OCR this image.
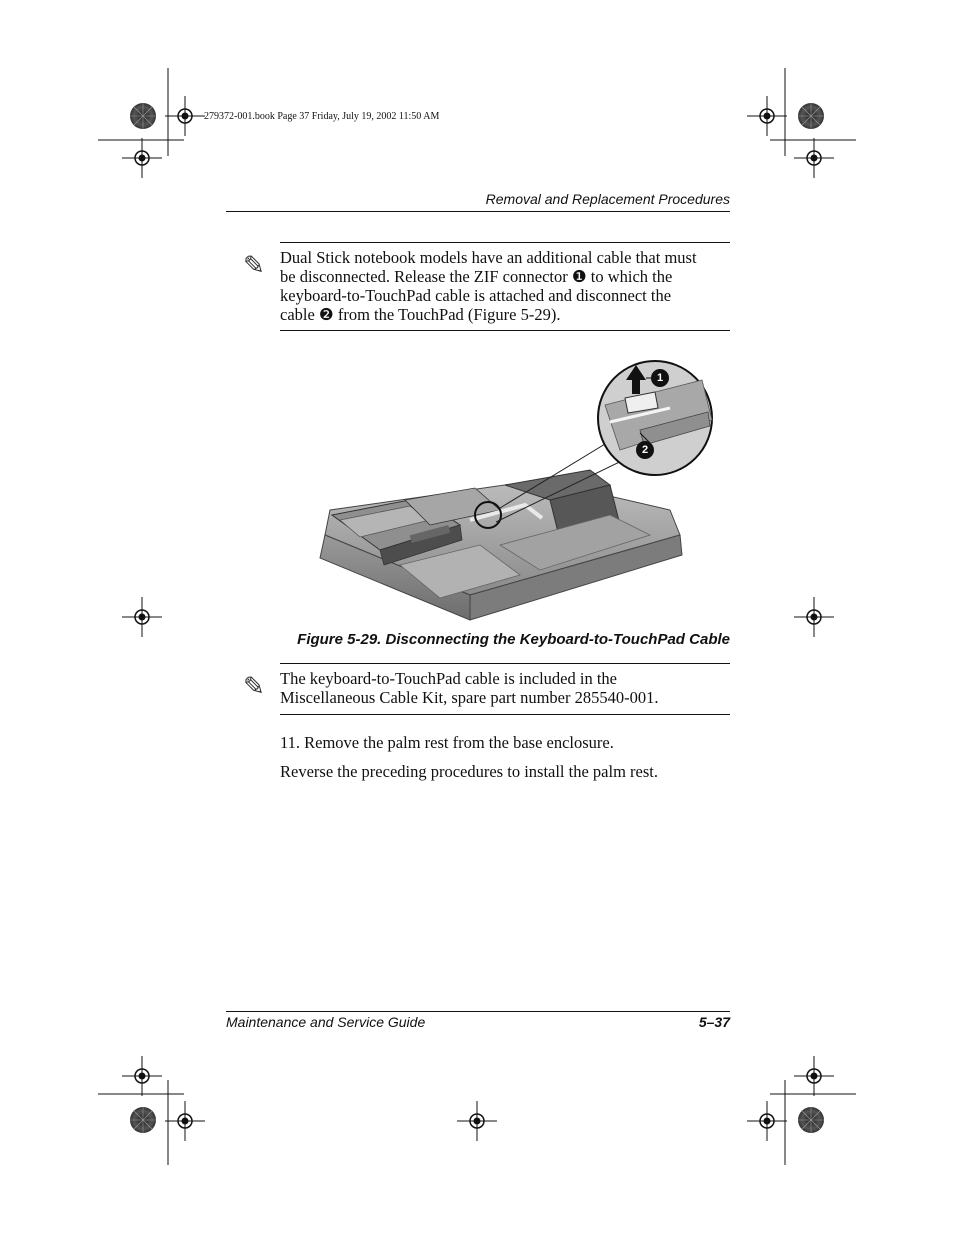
279372-001.book Page 37 Friday, July 19, 2002 11:50 AM
Removal and Replacement Procedures
✎ Dual Stick notebook models have an additional cable that must
be disconnected. Release the ZIF connector ❶ to which the
keyboard-to-TouchPad cable is attached and disconnect the
cable ❷ from the TouchPad (Figure 5-29).
1
2
Figure 5-29. Disconnecting the Keyboard-to-TouchPad Cable
✎ The keyboard-to-TouchPad cable is included in the
Miscellaneous Cable Kit, spare part number 285540-001.
11. Remove the palm rest from the base enclosure.
Reverse the preceding procedures to install the palm rest.
Maintenance and Service Guide	5–37
